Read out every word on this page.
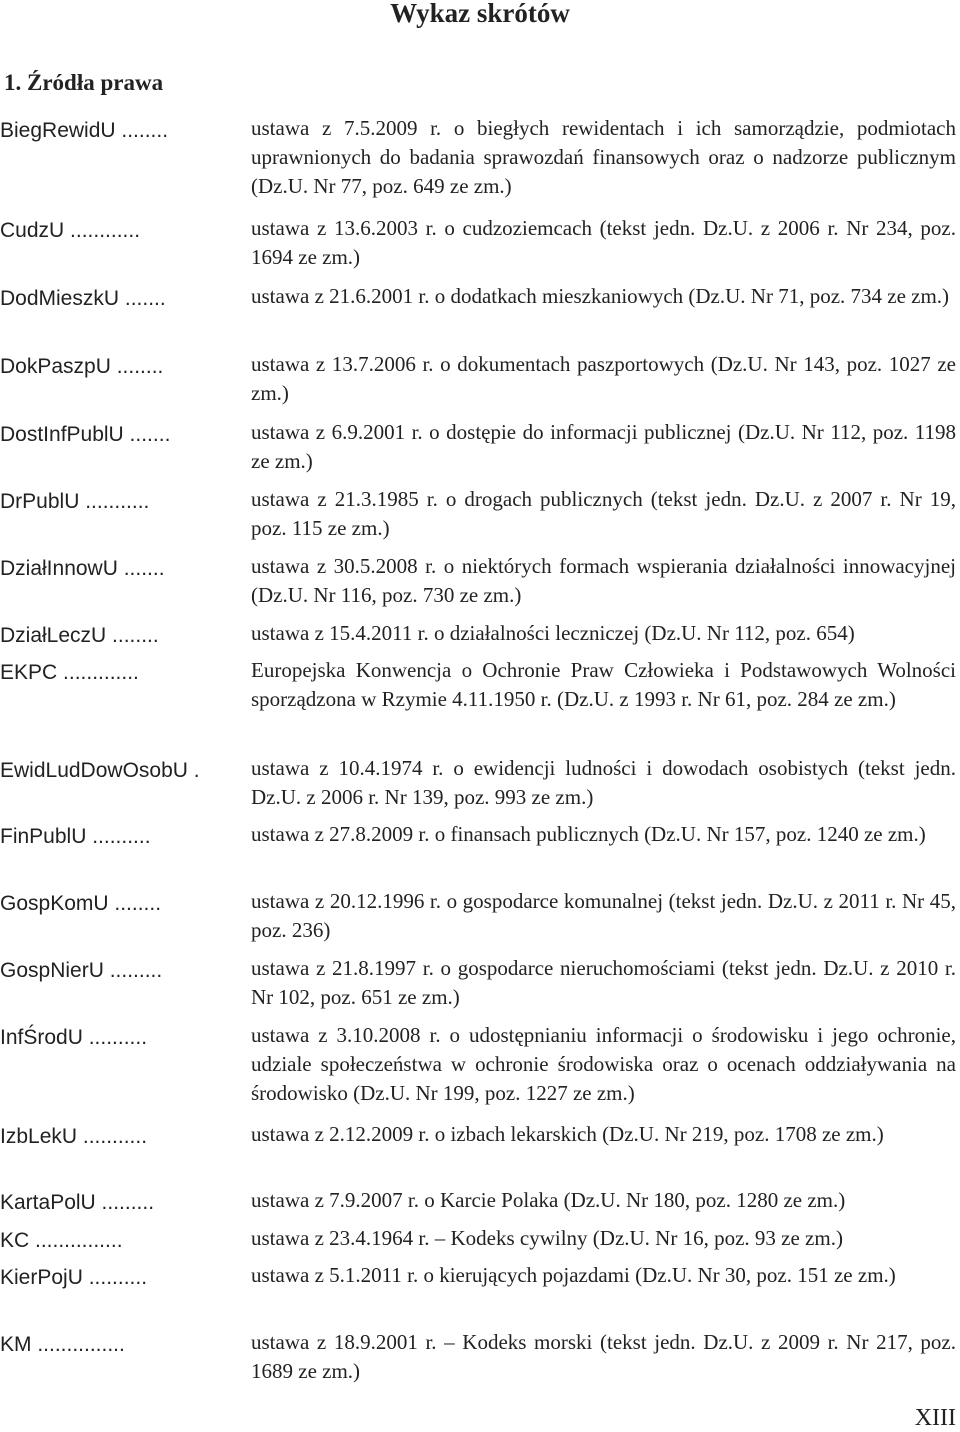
Wykaz skrótów
1. Źródła prawa
BiegRewidU ........	ustawa z 7.5.2009 r. o biegłych rewidentach i ich samorządzie, podmiotach uprawnionych do badania sprawozdań finansowych oraz o nadzorze publicznym (Dz.U. Nr 77, poz. 649 ze zm.)
CudzU ............	ustawa z 13.6.2003 r. o cudzoziemcach (tekst jedn. Dz.U. z 2006 r. Nr 234, poz. 1694 ze zm.)
DodMieszkU .......	ustawa z 21.6.2001 r. o dodatkach mieszkaniowych (Dz.U. Nr 71, poz. 734 ze zm.)
DokPaszpU ........	ustawa z 13.7.2006 r. o dokumentach paszportowych (Dz.U. Nr 143, poz. 1027 ze zm.)
DostInfPublU .......	ustawa z 6.9.2001 r. o dostępie do informacji publicznej (Dz.U. Nr 112, poz. 1198 ze zm.)
DrPublU ...........	ustawa z 21.3.1985 r. o drogach publicznych (tekst jedn. Dz.U. z 2007 r. Nr 19, poz. 115 ze zm.)
DziałInnowU .......	ustawa z 30.5.2008 r. o niektórych formach wspierania działalności innowacyjnej (Dz.U. Nr 116, poz. 730 ze zm.)
DziałLeczU ........	ustawa z 15.4.2011 r. o działalności leczniczej (Dz.U. Nr 112, poz. 654)
EKPC .............	Europejska Konwencja o Ochronie Praw Człowieka i Podstawowych Wolności sporządzona w Rzymie 4.11.1950 r. (Dz.U. z 1993 r. Nr 61, poz. 284 ze zm.)
EwidLudDowOsobU .	ustawa z 10.4.1974 r. o ewidencji ludności i dowodach osobistych (tekst jedn. Dz.U. z 2006 r. Nr 139, poz. 993 ze zm.)
FinPublU ..........	ustawa z 27.8.2009 r. o finansach publicznych (Dz.U. Nr 157, poz. 1240 ze zm.)
GospKomU ........	ustawa z 20.12.1996 r. o gospodarce komunalnej (tekst jedn. Dz.U. z 2011 r. Nr 45, poz. 236)
GospNierU .........	ustawa z 21.8.1997 r. o gospodarce nieruchomościami (tekst jedn. Dz.U. z 2010 r. Nr 102, poz. 651 ze zm.)
InfŚrodU ..........	ustawa z 3.10.2008 r. o udostępnianiu informacji o środowisku i jego ochronie, udziale społeczeństwa w ochronie środowiska oraz o ocenach oddziaływania na środowisko (Dz.U. Nr 199, poz. 1227 ze zm.)
IzbLekU ...........	ustawa z 2.12.2009 r. o izbach lekarskich (Dz.U. Nr 219, poz. 1708 ze zm.)
KartaPolU .........	ustawa z 7.9.2007 r. o Karcie Polaka (Dz.U. Nr 180, poz. 1280 ze zm.)
KC ...............	ustawa z 23.4.1964 r. – Kodeks cywilny (Dz.U. Nr 16, poz. 93 ze zm.)
KierPojU ..........	ustawa z 5.1.2011 r. o kierujących pojazdami (Dz.U. Nr 30, poz. 151 ze zm.)
KM ...............	ustawa z 18.9.2001 r. – Kodeks morski (tekst jedn. Dz.U. z 2009 r. Nr 217, poz. 1689 ze zm.)
XIII
